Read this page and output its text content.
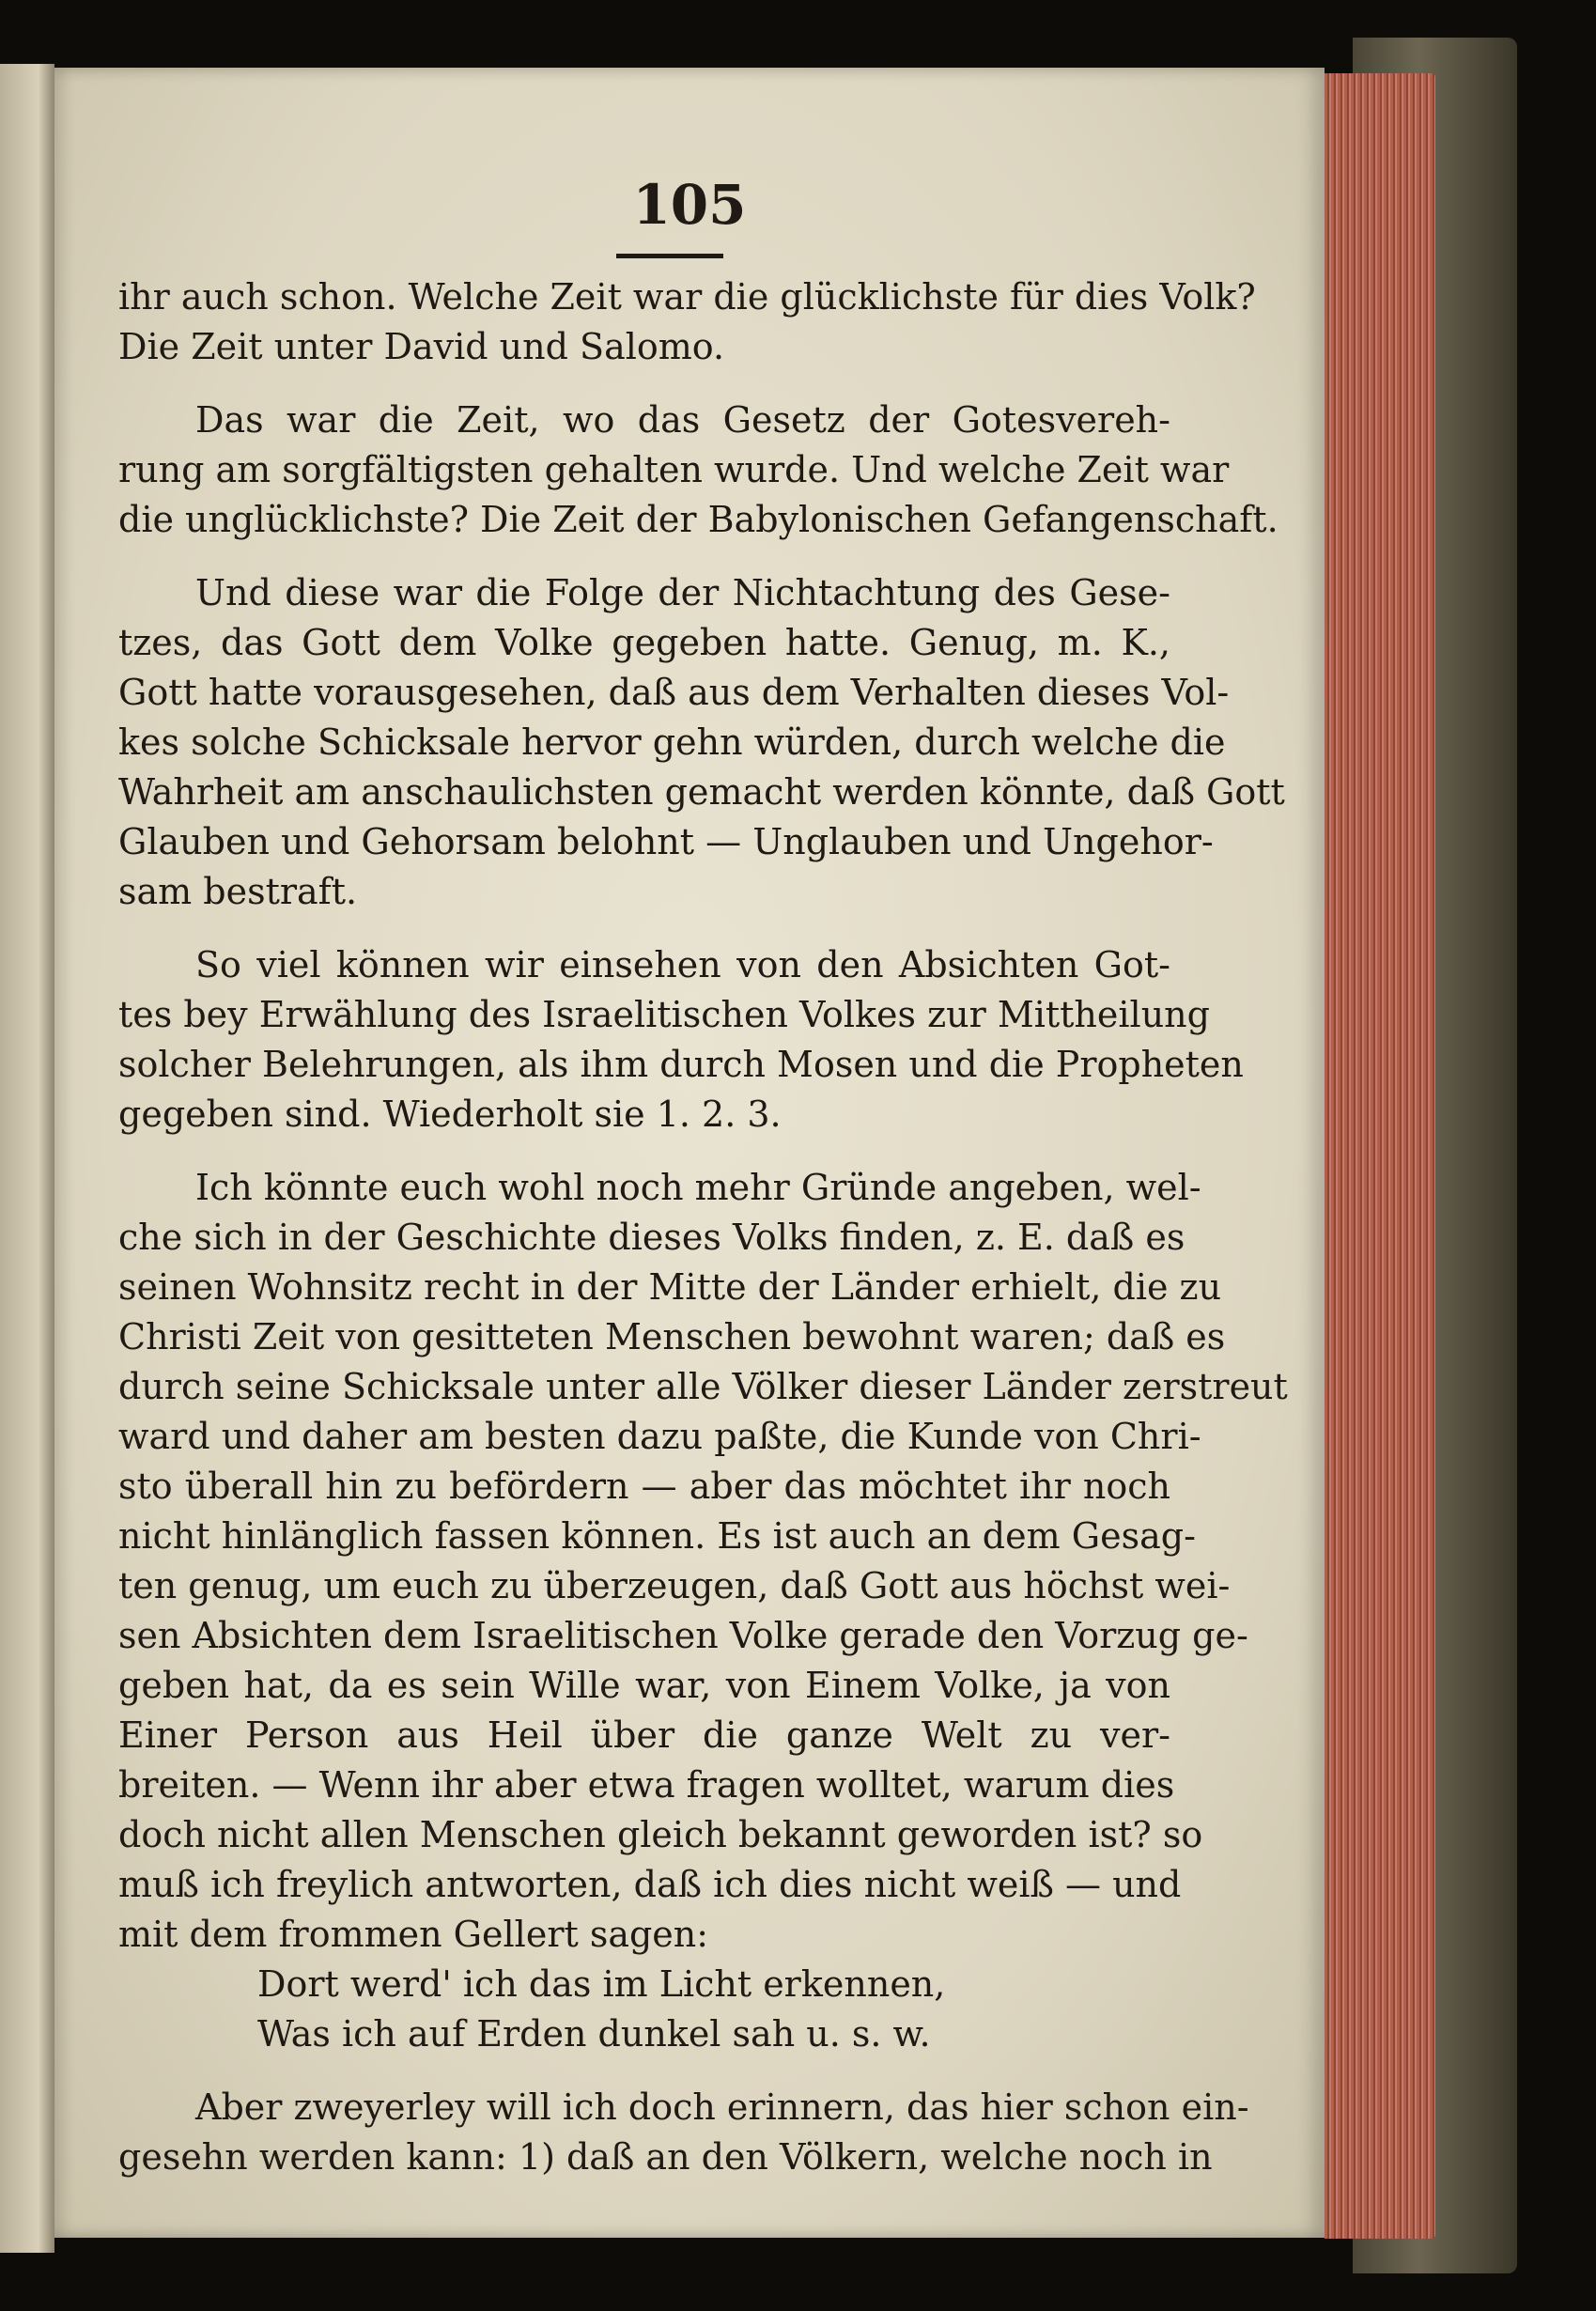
105
ihr auch schon. Welche Zeit war die glücklichste für dies Volk?
Die Zeit unter David und Salomo.
Das war die Zeit, wo das Gesetz der Gotesvereh-
rung am sorgfältigsten gehalten wurde. Und welche Zeit war
die unglücklichste? Die Zeit der Babylonischen Gefangenschaft.
Und diese war die Folge der Nichtachtung des Gese-
tzes, das Gott dem Volke gegeben hatte. Genug, m. K.,
Gott hatte vorausgesehen, daß aus dem Verhalten dieses Vol-
kes solche Schicksale hervor gehn würden, durch welche die
Wahrheit am anschaulichsten gemacht werden könnte, daß Gott
Glauben und Gehorsam belohnt — Unglauben und Ungehor-
sam bestraft.
So viel können wir einsehen von den Absichten Got-
tes bey Erwählung des Israelitischen Volkes zur Mittheilung
solcher Belehrungen, als ihm durch Mosen und die Propheten
gegeben sind. Wiederholt sie 1. 2. 3.
Ich könnte euch wohl noch mehr Gründe angeben, wel-
che sich in der Geschichte dieses Volks finden, z. E. daß es
seinen Wohnsitz recht in der Mitte der Länder erhielt, die zu
Christi Zeit von gesitteten Menschen bewohnt waren; daß es
durch seine Schicksale unter alle Völker dieser Länder zerstreut
ward und daher am besten dazu paßte, die Kunde von Chri-
sto überall hin zu befördern — aber das möchtet ihr noch
nicht hinlänglich fassen können. Es ist auch an dem Gesag-
ten genug, um euch zu überzeugen, daß Gott aus höchst wei-
sen Absichten dem Israelitischen Volke gerade den Vorzug ge-
geben hat, da es sein Wille war, von Einem Volke, ja von
Einer Person aus Heil über die ganze Welt zu ver-
breiten. — Wenn ihr aber etwa fragen wolltet, warum dies
doch nicht allen Menschen gleich bekannt geworden ist? so
muß ich freylich antworten, daß ich dies nicht weiß — und
mit dem frommen Gellert sagen:
Dort werd' ich das im Licht erkennen,
Was ich auf Erden dunkel sah u. s. w.
Aber zweyerley will ich doch erinnern, das hier schon ein-
gesehn werden kann: 1) daß an den Völkern, welche noch in
